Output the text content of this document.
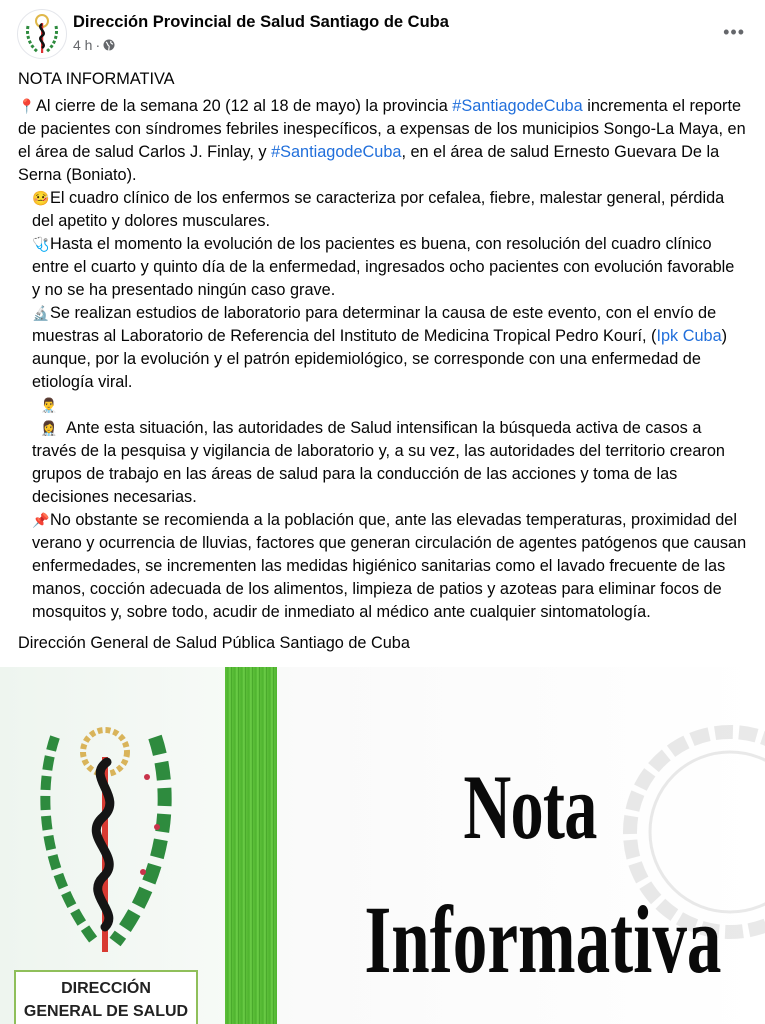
Dirección Provincial de Salud Santiago de Cuba
4 h ·
•••

NOTA INFORMATIVA

📍Al cierre de la semana 20 (12 al 18 de mayo) la provincia #SantiagodeCuba incrementa el reporte de pacientes con síndromes febriles inespecíficos, a expensas de los municipios Songo-La Maya, en el área de salud Carlos J. Finlay, y #SantiagodeCuba, en el área de salud Ernesto Guevara De la Serna (Boniato).

🤒El cuadro clínico de los enfermos se caracteriza por cefalea, fiebre, malestar general, pérdida del apetito y dolores musculares.

🩺Hasta el momento la evolución de los pacientes es buena, con resolución del cuadro clínico entre el cuarto y quinto día de la enfermedad, ingresados ocho pacientes con evolución favorable y no se ha presentado ningún caso grave.

🔬Se realizan estudios de laboratorio para determinar la causa de este evento, con el envío de muestras al Laboratorio de Referencia del Instituto de Medicina Tropical Pedro Kourí, (Ipk Cuba) aunque, por la evolución y el patrón epidemiológico, se corresponde con una enfermedad de etiología viral.

👨‍⚕️👩‍⚕️ Ante esta situación, las autoridades de Salud intensifican la búsqueda activa de casos a través de la pesquisa y vigilancia de laboratorio y, a su vez, las autoridades del territorio crearon grupos de trabajo en las áreas de salud para la conducción de las acciones y toma de las decisiones necesarias.

📌No obstante se recomienda a la población que, ante las elevadas temperaturas, proximidad del verano y ocurrencia de lluvias, factores que generan circulación de agentes patógenos que causan enfermedades, se incrementen las medidas higiénico sanitarias como el lavado frecuente de las manos, cocción adecuada de los alimentos, limpieza de patios y azoteas para eliminar focos de mosquitos y, sobre todo, acudir de inmediato al médico ante cualquier sintomatología.

Dirección General de Salud Pública Santiago de Cuba

DIRECCIÓN
GENERAL DE SALUD
Nota
Informativa
